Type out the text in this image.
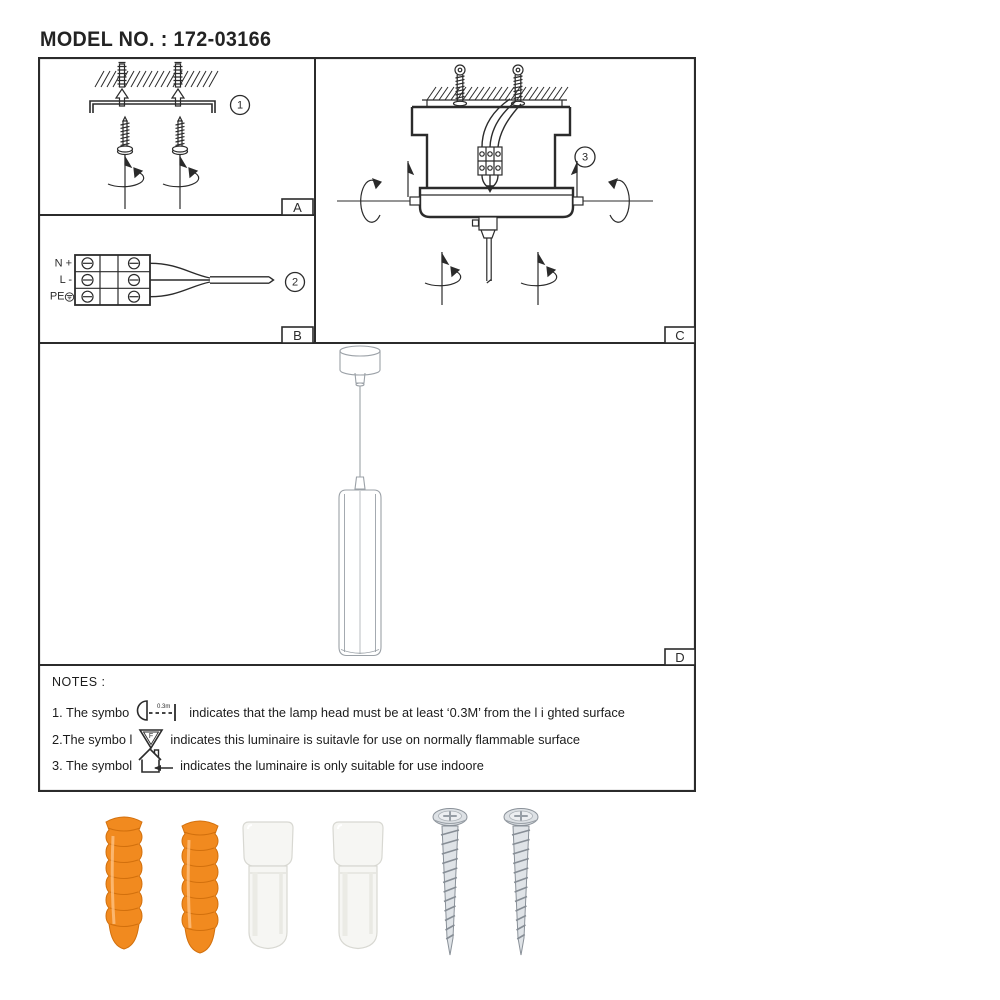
MODEL NO. : 172-03166
1
A
N +
L -
PE
2
B
3
C
D
NOTES :
1. The symbo	0.3m indicates that the lamp head must be at least ‘0.3M’ from the l i ghted surface
2.The symbo l F indicates this luminaire is suitavle for use on normally flammable surface
3. The symbol	indicates the luminaire is only suitable for use indoore
